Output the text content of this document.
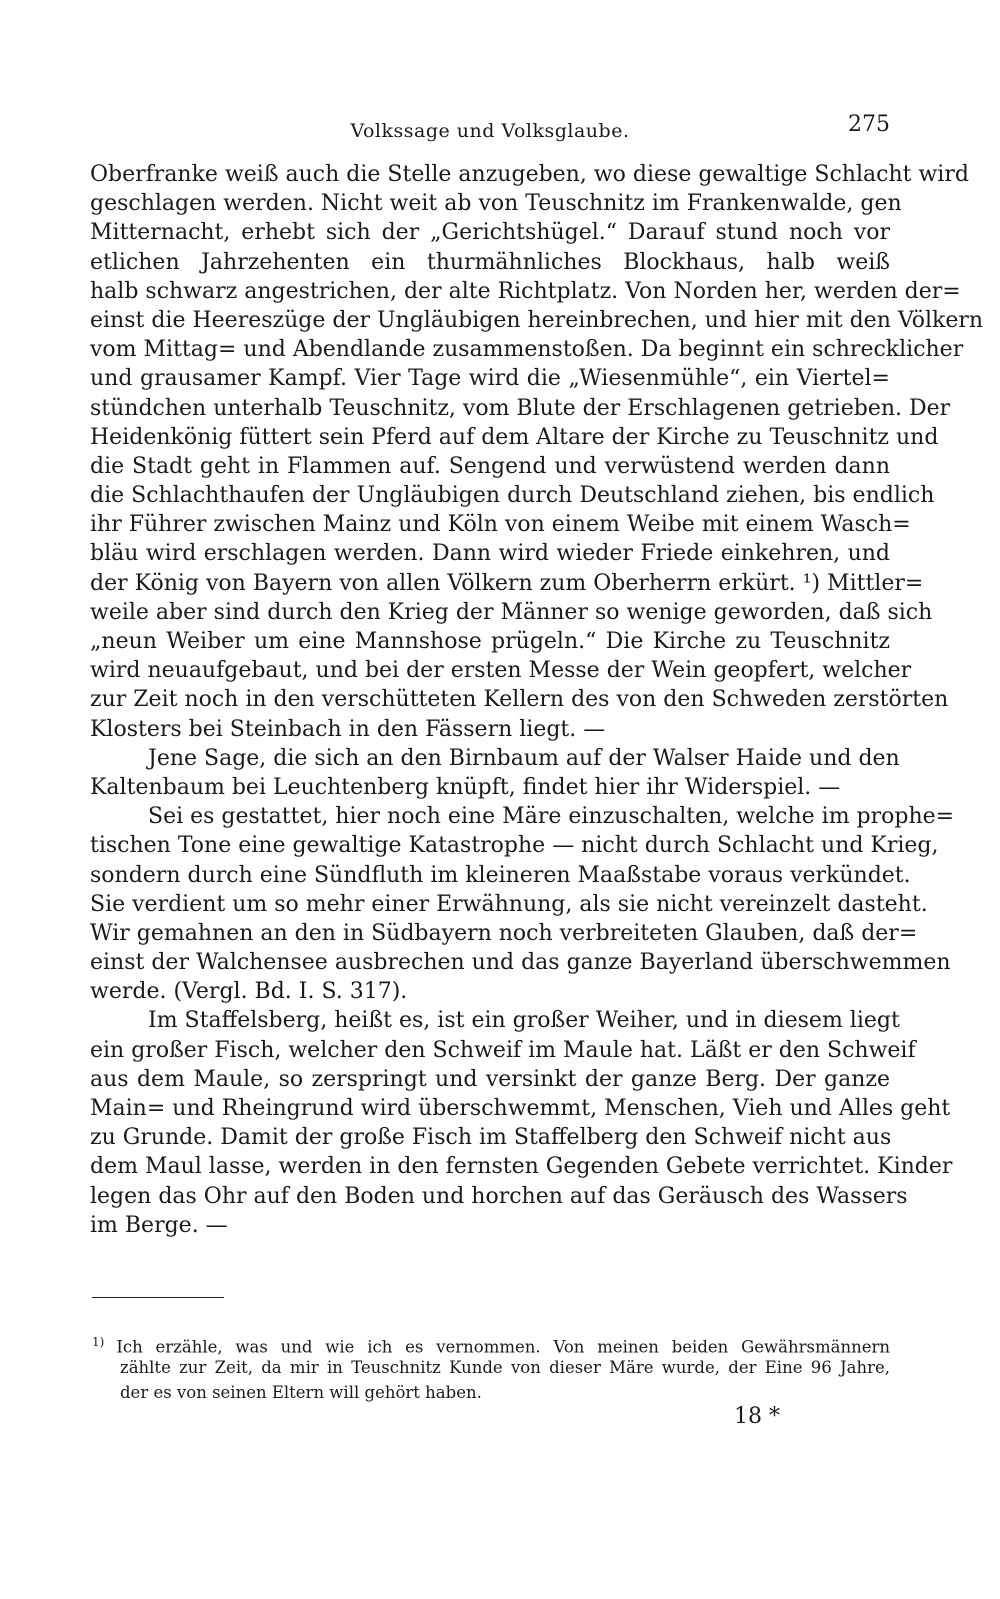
Volkssage und Volksglaube.	275
Oberfranke weiß auch die Stelle anzugeben, wo diese gewaltige Schlacht wird
geschlagen werden. Nicht weit ab von Teuschnitz im Frankenwalde, gen
Mitternacht, erhebt sich der „Gerichtshügel.“ Darauf stund noch vor
etlichen Jahrzehenten ein thurmähnliches Blockhaus, halb weiß
halb schwarz angestrichen, der alte Richtplatz. Von Norden her, werden der=
einst die Heereszüge der Ungläubigen hereinbrechen, und hier mit den Völkern
vom Mittag= und Abendlande zusammenstoßen. Da beginnt ein schrecklicher
und grausamer Kampf. Vier Tage wird die „Wiesenmühle“, ein Viertel=
stündchen unterhalb Teuschnitz, vom Blute der Erschlagenen getrieben. Der
Heidenkönig füttert sein Pferd auf dem Altare der Kirche zu Teuschnitz und
die Stadt geht in Flammen auf. Sengend und verwüstend werden dann
die Schlachthaufen der Ungläubigen durch Deutschland ziehen, bis endlich
ihr Führer zwischen Mainz und Köln von einem Weibe mit einem Wasch=
bläu wird erschlagen werden. Dann wird wieder Friede einkehren, und
der König von Bayern von allen Völkern zum Oberherrn erkürt. ¹) Mittler=
weile aber sind durch den Krieg der Männer so wenige geworden, daß sich
„neun Weiber um eine Mannshose prügeln.“ Die Kirche zu Teuschnitz
wird neuaufgebaut, und bei der ersten Messe der Wein geopfert, welcher
zur Zeit noch in den verschütteten Kellern des von den Schweden zerstörten
Klosters bei Steinbach in den Fässern liegt. —
Jene Sage, die sich an den Birnbaum auf der Walser Haide und den
Kaltenbaum bei Leuchtenberg knüpft, findet hier ihr Widerspiel. —
Sei es gestattet, hier noch eine Märe einzuschalten, welche im prophe=
tischen Tone eine gewaltige Katastrophe — nicht durch Schlacht und Krieg,
sondern durch eine Sündfluth im kleineren Maaßstabe voraus verkündet.
Sie verdient um so mehr einer Erwähnung, als sie nicht vereinzelt dasteht.
Wir gemahnen an den in Südbayern noch verbreiteten Glauben, daß der=
einst der Walchensee ausbrechen und das ganze Bayerland überschwemmen
werde. (Vergl. Bd. I. S. 317).
Im Staffelsberg, heißt es, ist ein großer Weiher, und in diesem liegt
ein großer Fisch, welcher den Schweif im Maule hat. Läßt er den Schweif
aus dem Maule, so zerspringt und versinkt der ganze Berg. Der ganze
Main= und Rheingrund wird überschwemmt, Menschen, Vieh und Alles geht
zu Grunde. Damit der große Fisch im Staffelberg den Schweif nicht aus
dem Maul lasse, werden in den fernsten Gegenden Gebete verrichtet. Kinder
legen das Ohr auf den Boden und horchen auf das Geräusch des Wassers
im Berge. —
$^{1)}$ Ich erzähle, was und wie ich es vernommen. Von meinen beiden Gewährsmännern
zählte zur Zeit, da mir in Teuschnitz Kunde von dieser Märe wurde, der Eine 96 Jahre,
der es von seinen Eltern will gehört haben.
18 *
